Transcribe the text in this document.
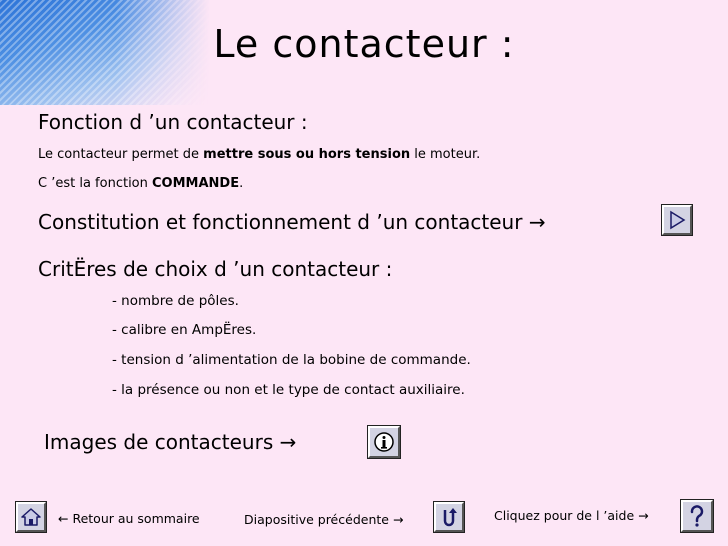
Le contacteur :
Fonction d ’un contacteur :
Le contacteur permet de mettre sous ou hors tension le moteur.
C ’est la fonction COMMANDE.
Constitution et fonctionnement d ’un contacteur →
CritËres de choix d ’un contacteur :
- nombre de pôles.
- calibre en AmpËres.
- tension d ’alimentation de la bobine de commande.
- la présence ou non et le type de contact auxiliaire.
Images de contacteurs →
← Retour au sommaire	Diapositive précédente →	Cliquez pour de l ’aide →
